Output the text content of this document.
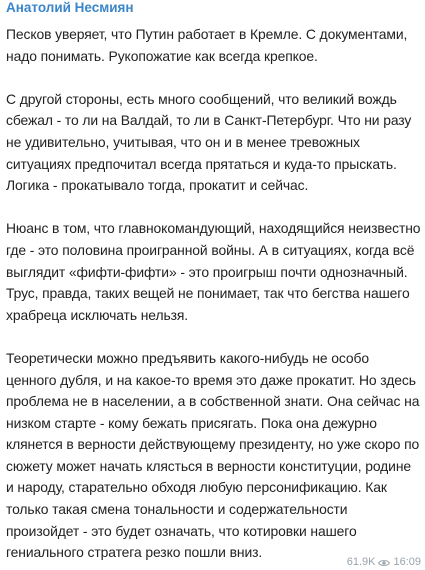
Анатолий Несмиян

Песков уверяет, что Путин работает в Кремле. С документами, надо понимать. Рукопожатие как всегда крепкое.

С другой стороны, есть много сообщений, что великий вождь сбежал - то ли на Валдай, то ли в Санкт-Петербург. Что ни разу не удивительно, учитывая, что он и в менее тревожных ситуациях предпочитал всегда прятаться и куда-то прыскать. Логика - прокатывало тогда, прокатит и сейчас.

Нюанс в том, что главнокомандующий, находящийся неизвестно где - это половина проигранной войны. А в ситуациях, когда всё выглядит «фифти-фифти» - это проигрыш почти однозначный. Трус, правда, таких вещей не понимает, так что бегства нашего храбреца исключать нельзя.

Теоретически можно предъявить какого-нибудь не особо ценного дубля, и на какое-то время это даже прокатит. Но здесь проблема не в населении, а в собственной знати. Она сейчас на низком старте - кому бежать присягать. Пока она дежурно клянется в верности действующему президенту, но уже скоро по сюжету может начать клясться в верности конституции, родине и народу, старательно обходя любую персонификацию. Как только такая смена тональности и содержательности произойдет - это будет означать, что котировки нашего гениального стратега резко пошли вниз.

61.9K 16:09
